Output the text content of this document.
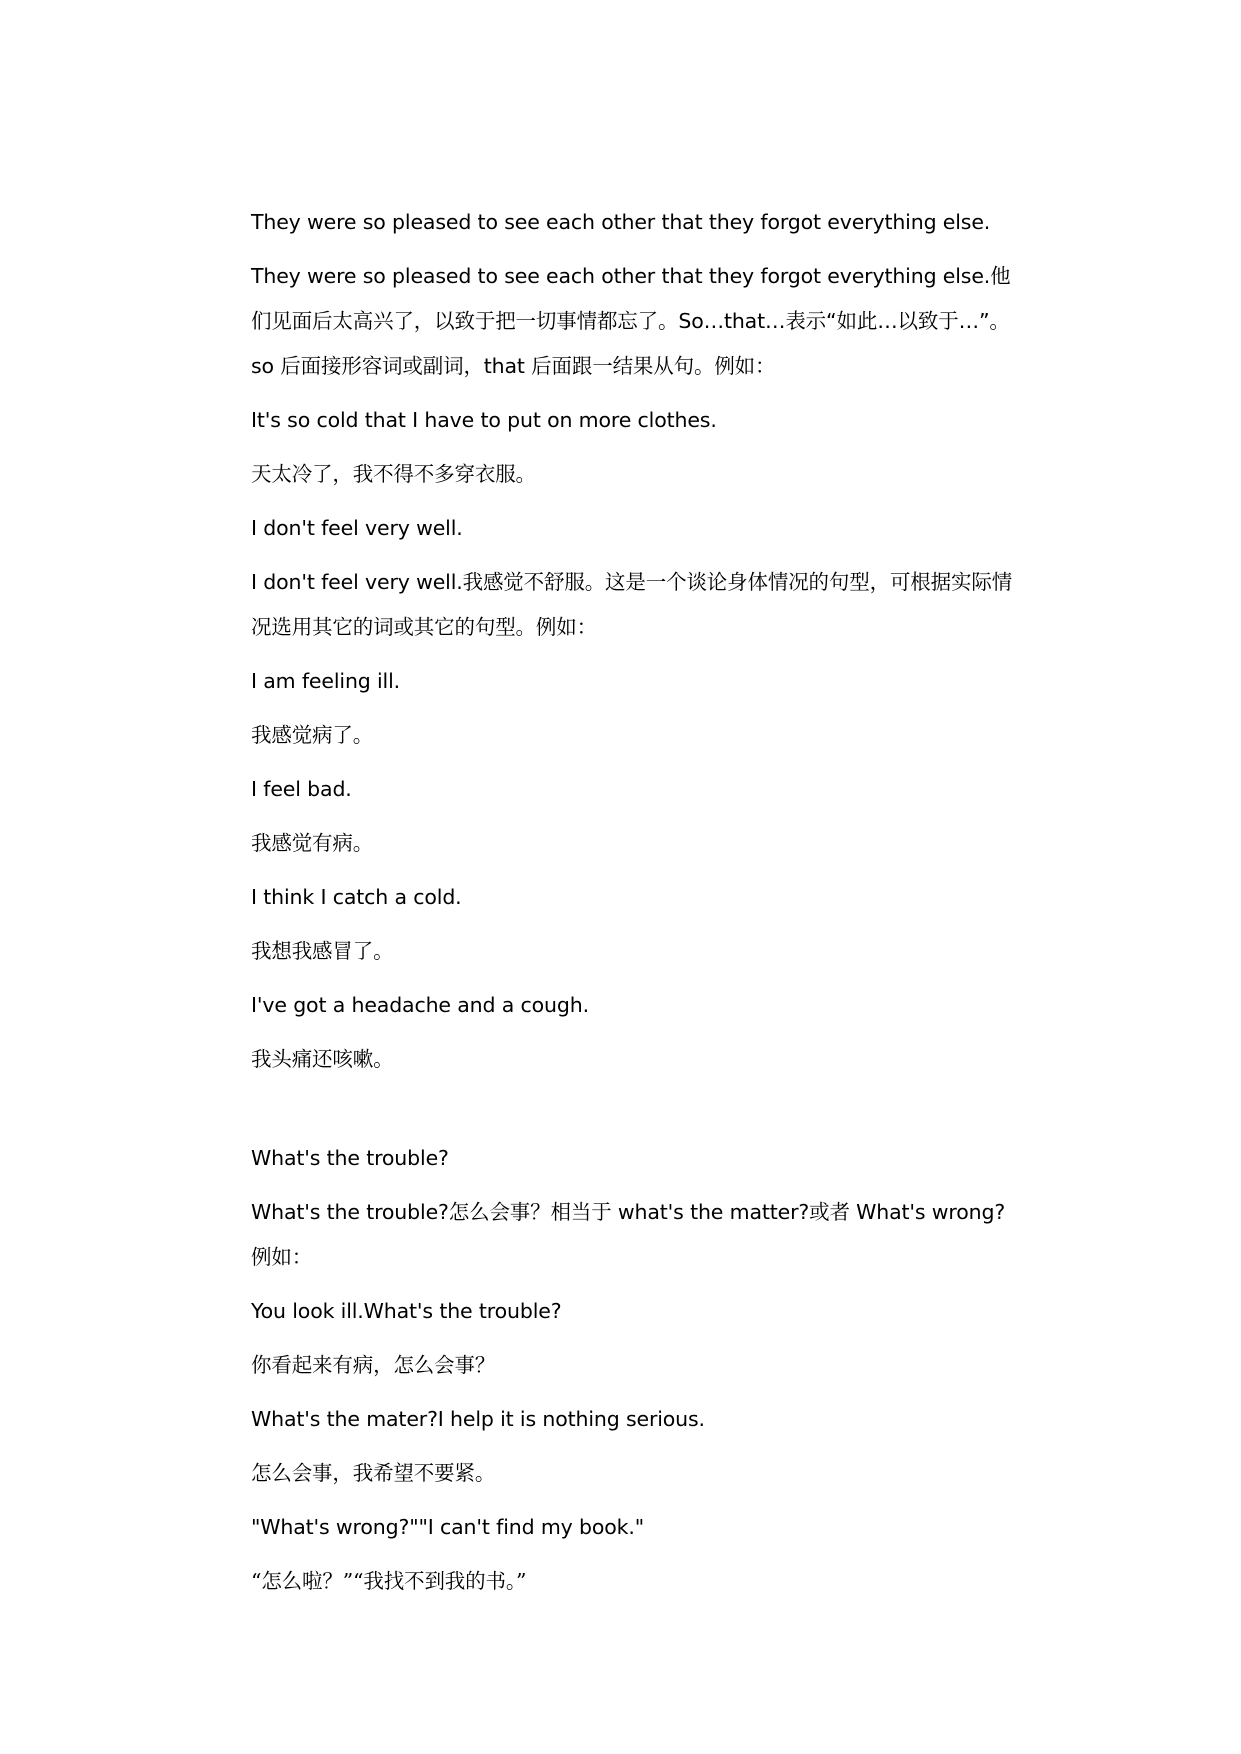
They were so pleased to see each other that they forgot everything else.
They were so pleased to see each other that they forgot everything else.他们见面后太高兴了，以致于把一切事情都忘了。So…that…表示“如此…以致于…”。so 后面接形容词或副词，that 后面跟一结果从句。例如：
It's so cold that I have to put on more clothes.
天太冷了，我不得不多穿衣服。
I don't feel very well.
I don't feel very well.我感觉不舒服。这是一个谈论身体情况的句型，可根据实际情况选用其它的词或其它的句型。例如：
I am feeling ill.
我感觉病了。
I feel bad.
我感觉有病。
I think I catch a cold.
我想我感冒了。
I've got a headache and a cough.
我头痛还咳嗽。
What's the trouble?
What's the trouble?怎么会事？相当于 what's the matter?或者 What's wrong?例如：
You look ill.What's the trouble?
你看起来有病，怎么会事？
What's the mater?I help it is nothing serious.
怎么会事，我希望不要紧。
"What's wrong?""I can't find my book."
“怎么啦？”“我找不到我的书。”
